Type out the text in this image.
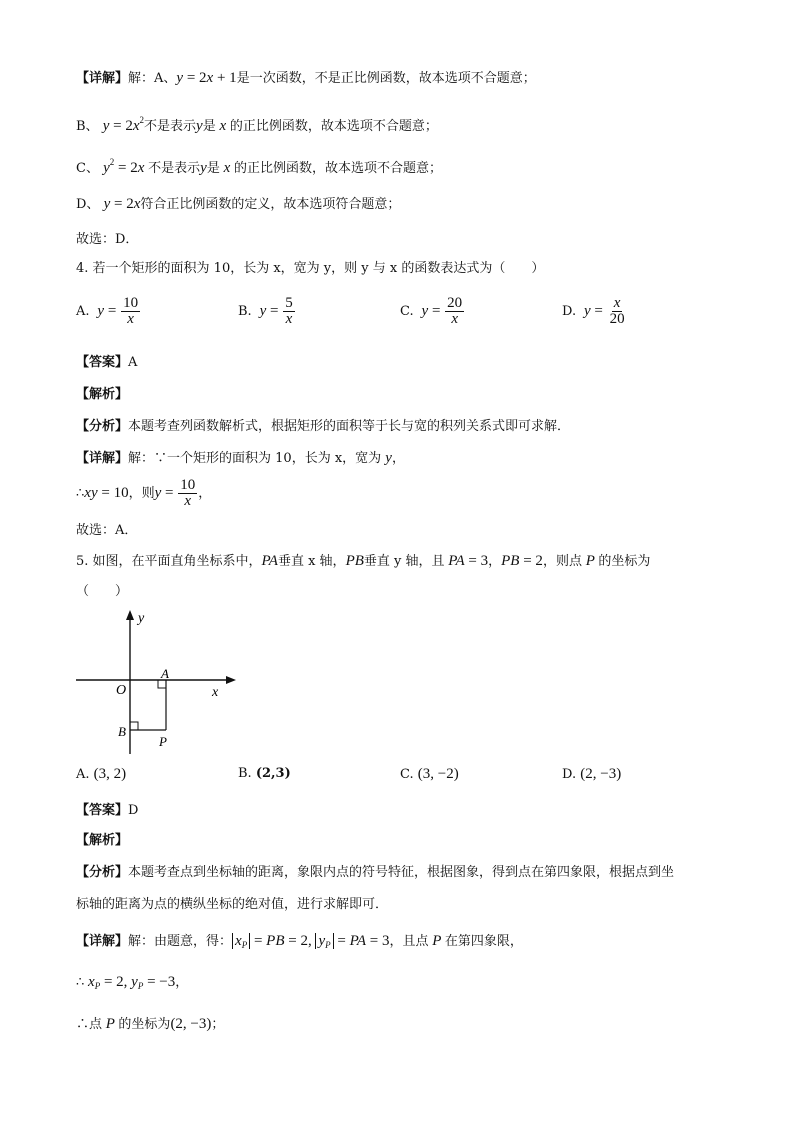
【详解】解：A、y = 2x + 1是一次函数，不是正比例函数，故本选项不合题意；
B、 $y = 2x^2$不是表示y是 x 的正比例函数，故本选项不合题意；
C、 $y^2 = 2x$ 不是表示y是 x 的正比例函数，故本选项不合题意；
D、 y = 2x符合正比例函数的定义，故本选项符合题意；
故选：D．
4. 若一个矩形的面积为 10，长为 x，宽为 y，则 y 与 x 的函数表达式为（　　）
A.  $y = \frac{10}{x}$	B.  $y = \frac{5}{x}$	C.  $y = \frac{20}{x}$	D.  $y = \frac{x}{20}$
【答案】A
【解析】
【分析】本题考查列函数解析式，根据矩形的面积等于长与宽的积列关系式即可求解．
【详解】解：∵一个矩形的面积为 10，长为 x，宽为 y，
∴xy = 10，则$y = \frac{10}{x}$ ，
故选：A．
5. 如图，在平面直角坐标系中，PA垂直 x 轴，PB垂直 y 轴，且 PA = 3，PB = 2，则点 P 的坐标为
（　　）
y
x
O
A
B
P
A. (3, 2)	B. (2,3)	C. (3, −2)	D. (2, −3)
【答案】D
【解析】
【分析】本题考查点到坐标轴的距离，象限内点的符号特征，根据图象，得到点在第四象限，根据点到坐
标轴的距离为点的横纵坐标的绝对值，进行求解即可．
【详解】解：由题意，得： $x_P$ = PB = 2, $y_P$ = PA = 3，且点 P 在第四象限，
∴ $x_P = 2$, $y_P = -3$，
∴点 P 的坐标为(2, −3)；
